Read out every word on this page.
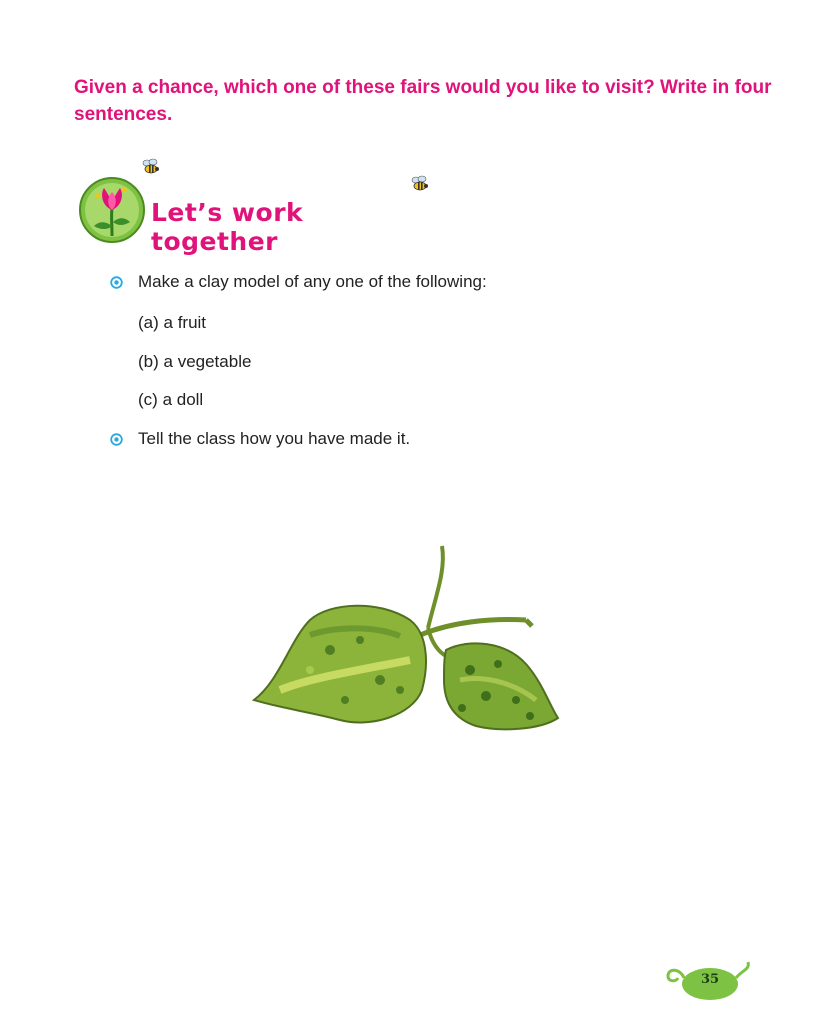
Given a chance, which one of these fairs would you like to visit? Write in four sentences.
Let’s work together
Make a clay model of any one of the following:
(a) a fruit
(b) a vegetable
(c) a doll
Tell the class how you have made it.
35
